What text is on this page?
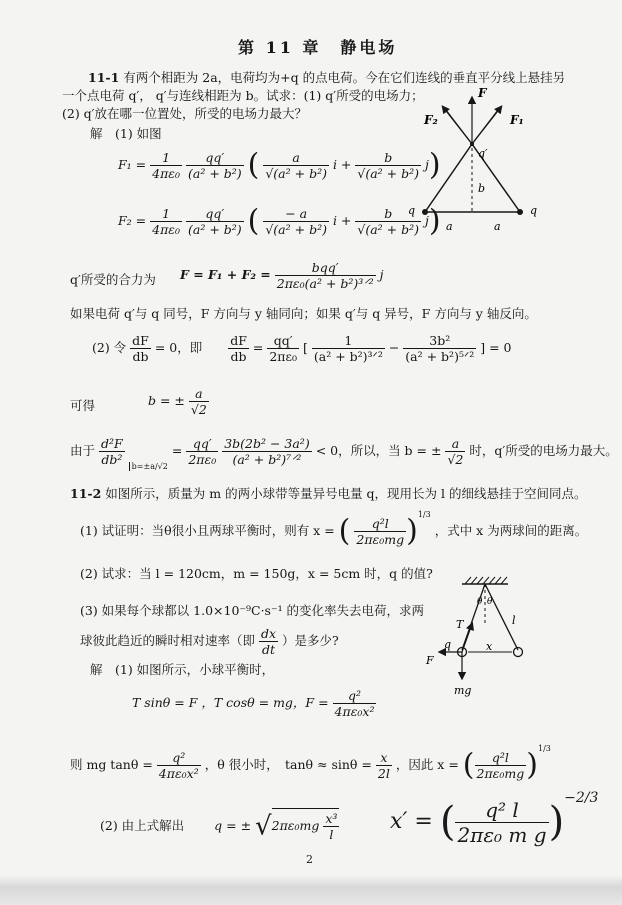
第 11 章　静电场
11-1 有两个相距为 2a，电荷均为+q 的点电荷。今在它们连线的垂直平分线上悬挂另
一个点电荷 q′， q′与连线相距为 b。试求：(1) q′所受的电场力；
(2) q′放在哪一位置处，所受的电场力最大？
解　(1) 如图
F
F₁
F₂
q′
b
q	q
a	a
$F_1 = \frac{1}{\text{4πε₀}}$
$\frac{qq'}{\text{(a² + b²)}}$ ( $\frac{a}{\text{√(a² + b²)}}$ $i + \frac{b}{\text{√(a² + b²)}} j$)
$F_2 = \frac{1}{\text{4πε₀}}$
$\frac{qq'}{\text{(a² + b²)}}$ ( $\frac{- a}{\text{√(a² + b²)}}$ $i + \frac{b}{\text{√(a² + b²)}} j$)
q′所受的合力为 $F = F_1 + F_2 = \frac{\text{bqq′}}{\text{2πε₀(a² + b²)³ᐟ²}}$ j
如果电荷 q′与 q 同号，F 方向与 y 轴同向；如果 q′与 q 异号，F 方向与 y 轴反向。
(2) 令 $\frac{dF}{db} = 0$，即 $\frac{dF}{db} = \frac{qq'}{\text{2πε₀}}$ [ $\frac{1}{\text{(a² + b²)³ᐟ²}} - \frac{\text{3b²}}{\text{(a² + b²)⁵ᐟ²}}$ ] = 0
可得	b = ± $\frac{a}{√2}$
由于 $\frac{\text{d²F}}{\text{db²}} _{b=\pm a/√2} = \frac{qq'}{\text{2πε₀}}$
$\frac{\text{3b(2b² − 3a²)}}{\text{(a² + b²)⁷ᐟ²}} < 0$，所以，当 b = ± $\frac{a}{√2}$ 时，q′所受的电场力最大。
11-2 如图所示，质量为 m 的两小球带等量异号电量 q，现用长为 l 的细线悬挂于空间同点。
(1) 试证明：当θ很小且两球平衡时，则有 x = ( $\frac{\text{q²l}}{\text{2πε₀mg}} )^{1/3}$ ，式中 x 为两球间的距离。
(2) 试求：当 l = 120cm，m = 150g，x = 5cm 时，q 的值?
(3) 如果每个球都以 1.0×10⁻⁹C·s⁻¹ 的变化率失去电荷，求两
球彼此趋近的瞬时相对速率（即 $\frac{dx}{dt}$ ）是多少?
θ θ
T	l
q
F
x
mg
解　(1) 如图所示，小球平衡时，
T sinθ = F ，T cosθ = mg，$F = \frac{\text{q²}}{\text{4πε₀x²}}$
则 mg $\tan\theta = \frac{\text{q²}}{\text{4πε₀x²}}$ ，θ 很小时，　$\tan\theta \approx \sin\theta = \frac{x}{2l}$ ，因此 x = ( $\frac{\text{q²l}}{\text{2πε₀mg}} )^{1/3}$
(2) 由上式解出 q = ± $√2\pi\varepsilon_0mg \frac{\text{x³}}{l} x'$ = ( $\frac{\text{q² l}}{\text{2πε₀ m g}} )^{-2/3}$
2
